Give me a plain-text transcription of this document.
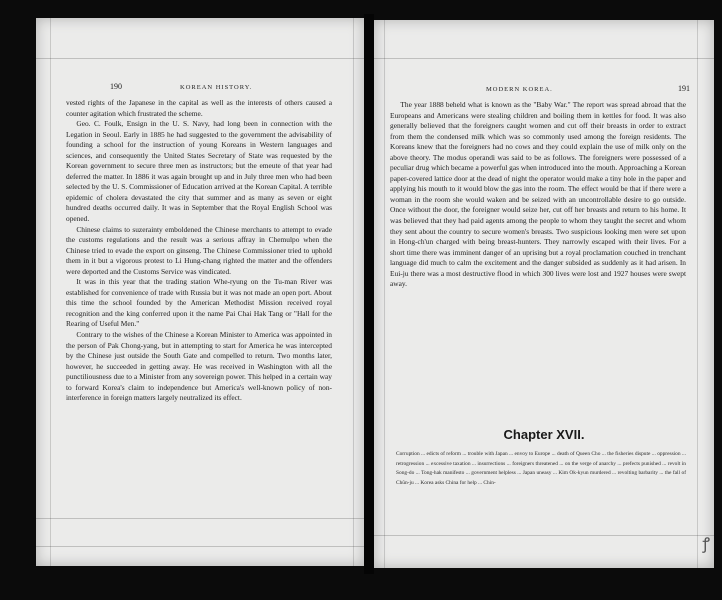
190	KOREAN HISTORY.

vested rights of the Japanese in the capital as well as the interests of others caused a counter agitation which frustrated the scheme.

Geo. C. Foulk, Ensign in the U. S. Navy, had long been in connection with the Legation in Seoul. Early in 1885 he had suggested to the government the advisability of founding a school for the instruction of young Koreans in Western languages and sciences, and consequently the United States Secretary of State was requested by the Korean government to secure three men as instructors; but the emeute of that year had deferred the matter. In 1886 it was again brought up and in July three men who had been selected by the U. S. Commissioner of Education arrived at the Korean Capital. A terrible epidemic of cholera devastated the city that summer and as many as seven or eight hundred deaths occurred daily. It was in September that the Royal English School was opened.

Chinese claims to suzerainty emboldened the Chinese merchants to attempt to evade the customs regulations and the result was a serious affray in Chemulpo when the Chinese tried to evade the export on ginseng. The Chinese Commissioner tried to uphold them in it but a vigorous protest to Li Hung-chang righted the matter and the offenders were deported and the Customs Service was vindicated.

It was in this year that the trading station Whe-ryung on the Tu-man River was established for convenience of trade with Russia but it was not made an open port. About this time the school founded by the American Methodist Mission received royal recognition and the king conferred upon it the name Pai Chai Hak Tang or "Hall for the Rearing of Useful Men."

Contrary to the wishes of the Chinese a Korean Minister to America was appointed in the person of Pak Chong-yang, but in attempting to start for America he was intercepted by the Chinese just outside the South Gate and compelled to return. Two months later, however, he succeeded in getting away. He was received in Washington with all the punctiliousness due to a Minister from any sovereign power. This helped in a certain way to forward Korea's claim to independence but America's well-known policy of non-interference in foreign matters largely neutralized its effect.

MODERN KOREA.	191

The year 1888 beheld what is known as the "Baby War." The report was spread abroad that the Europeans and Americans were stealing children and boiling them in kettles for food. It was also generally believed that the foreigners caught women and cut off their breasts in order to extract from them the condensed milk which was so commonly used among the foreign residents. The Koreans knew that the foreigners had no cows and they could explain the use of milk only on the above theory. The modus operandi was said to be as follows. The foreigners were possessed of a peculiar drug which became a powerful gas when introduced into the mouth. Approaching a Korean paper-covered lattice door at the dead of night the operator would make a tiny hole in the paper and applying his mouth to it would blow the gas into the room. The effect would be that if there were a woman in the room she would waken and be seized with an uncontrollable desire to go outside. Once without the door, the foreigner would seize her, cut off her breasts and return to his home. It was believed that they had paid agents among the people to whom they taught the secret and whom they sent about the country to secure women's breasts. Two suspicious looking men were set upon in Hong-ch'un charged with being breast-hunters. They narrowly escaped with their lives. For a short time there was imminent danger of an uprising but a royal proclamation couched in trenchant language did much to calm the excitement and the danger subsided as suddenly as it had arisen. In Eui-ju there was a most destructive flood in which 300 lives were lost and 1927 houses were swept away.

Chapter XVII.

Corruption ... edicts of reform ... trouble with Japan ... envoy to Europe ... death of Queen Cho ... the fisheries dispute ... oppression ... retrogression ... excessive taxation ... insurrections ... foreigners threatened ... on the verge of anarchy ... prefects punished ... revolt in Song-do ... Tong-hak manifesto ... government helpless ... Japan uneasy ... Kim Ok-kyun murdered ... revolting barbarity ... the fall of Chŭn-ju ... Korea asks China for help ... Chin-

ꝭ
